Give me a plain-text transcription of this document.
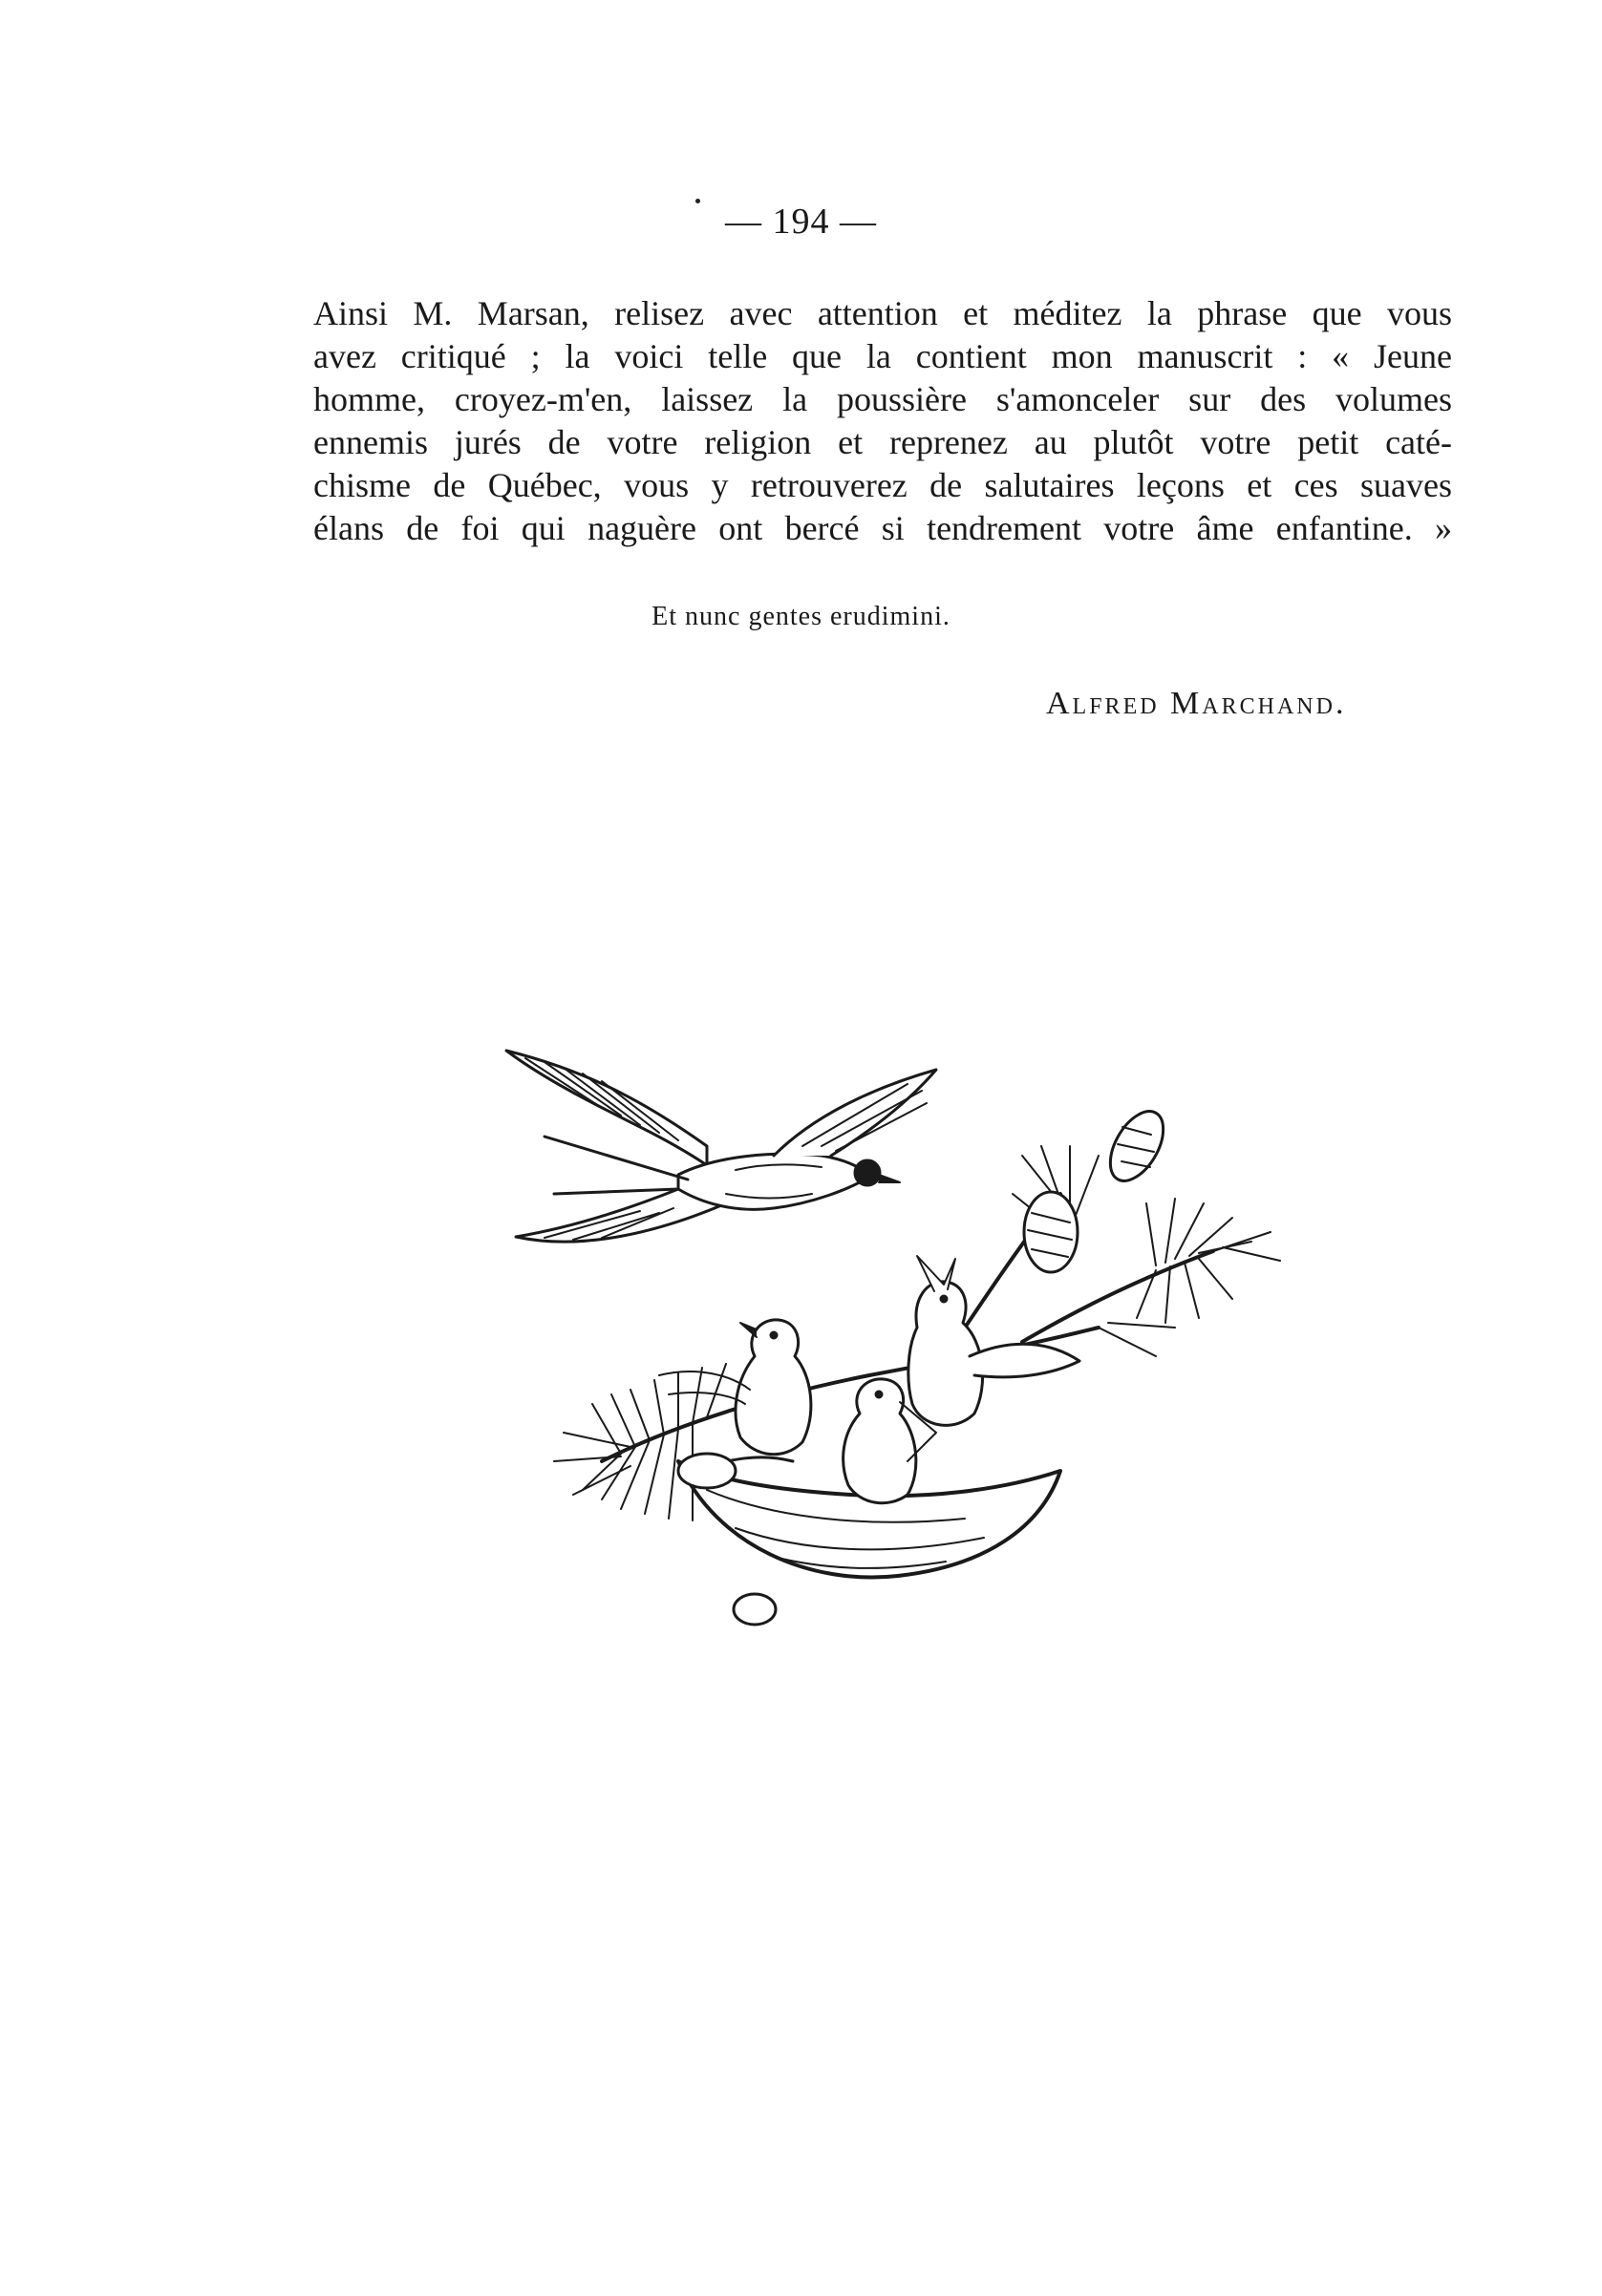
— 194 —
Ainsi M. Marsan, relisez avec attention et méditez la phrase que vous
avez critiqué ; la voici telle que la contient mon manuscrit : « Jeune
homme, croyez-m'en, laissez la poussière s'amonceler sur des volumes
ennemis jurés de votre religion et reprenez au plutôt votre petit caté-
chisme de Québec, vous y retrouverez de salutaires leçons et ces suaves
élans de foi qui naguère ont bercé si tendrement votre âme enfantine. »
Et nunc gentes erudimini.
Alfred Marchand.
